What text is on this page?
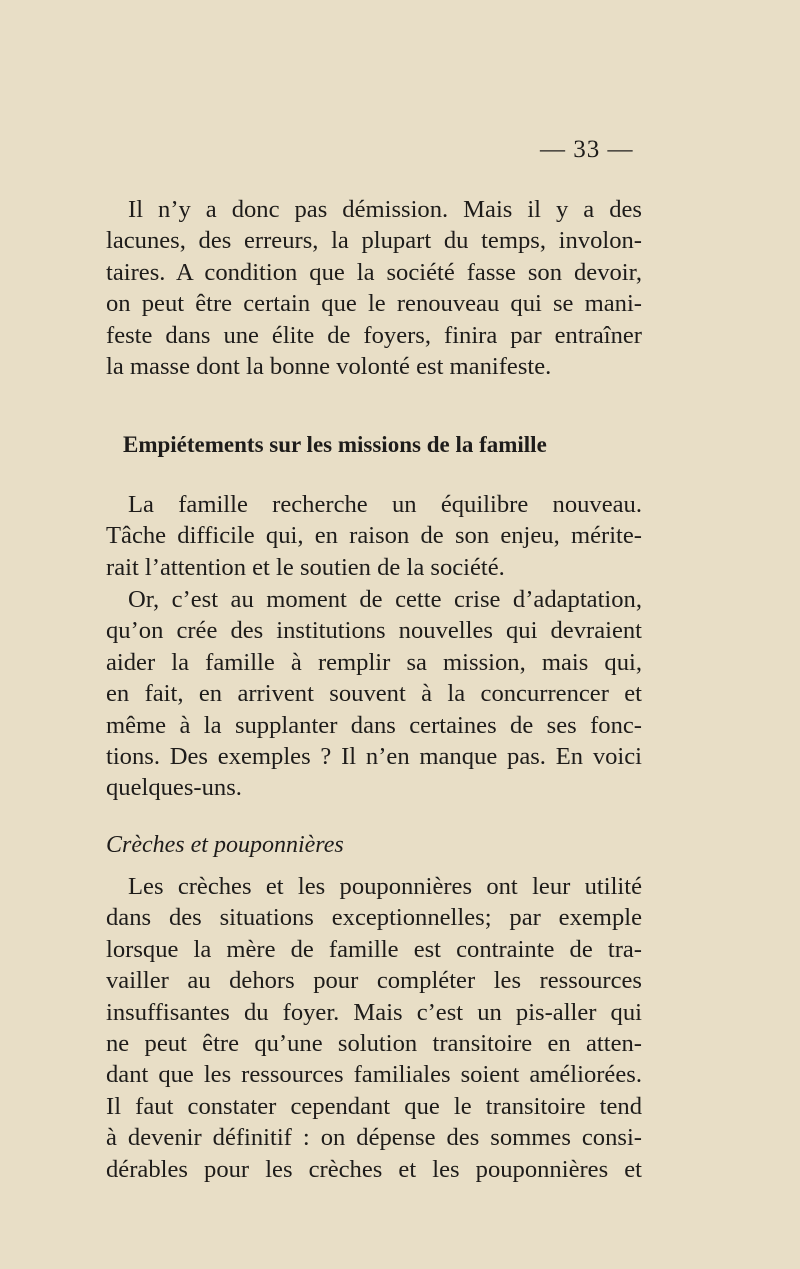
— 33 —
Il n’y a donc pas démission. Mais il y a des
lacunes, des erreurs, la plupart du temps, involon-
taires. A condition que la société fasse son devoir,
on peut être certain que le renouveau qui se mani-
feste dans une élite de foyers, finira par entraîner
la masse dont la bonne volonté est manifeste.
Empiétements sur les missions de la famille
La famille recherche un équilibre nouveau.
Tâche difficile qui, en raison de son enjeu, mérite-
rait l’attention et le soutien de la société.
Or, c’est au moment de cette crise d’adaptation,
qu’on crée des institutions nouvelles qui devraient
aider la famille à remplir sa mission, mais qui,
en fait, en arrivent souvent à la concurrencer et
même à la supplanter dans certaines de ses fonc-
tions. Des exemples ? Il n’en manque pas. En voici
quelques-uns.
Crèches et pouponnières
Les crèches et les pouponnières ont leur utilité
dans des situations exceptionnelles; par exemple
lorsque la mère de famille est contrainte de tra-
vailler au dehors pour compléter les ressources
insuffisantes du foyer. Mais c’est un pis-aller qui
ne peut être qu’une solution transitoire en atten-
dant que les ressources familiales soient améliorées.
Il faut constater cependant que le transitoire tend
à devenir définitif : on dépense des sommes consi-
dérables pour les crèches et les pouponnières et
